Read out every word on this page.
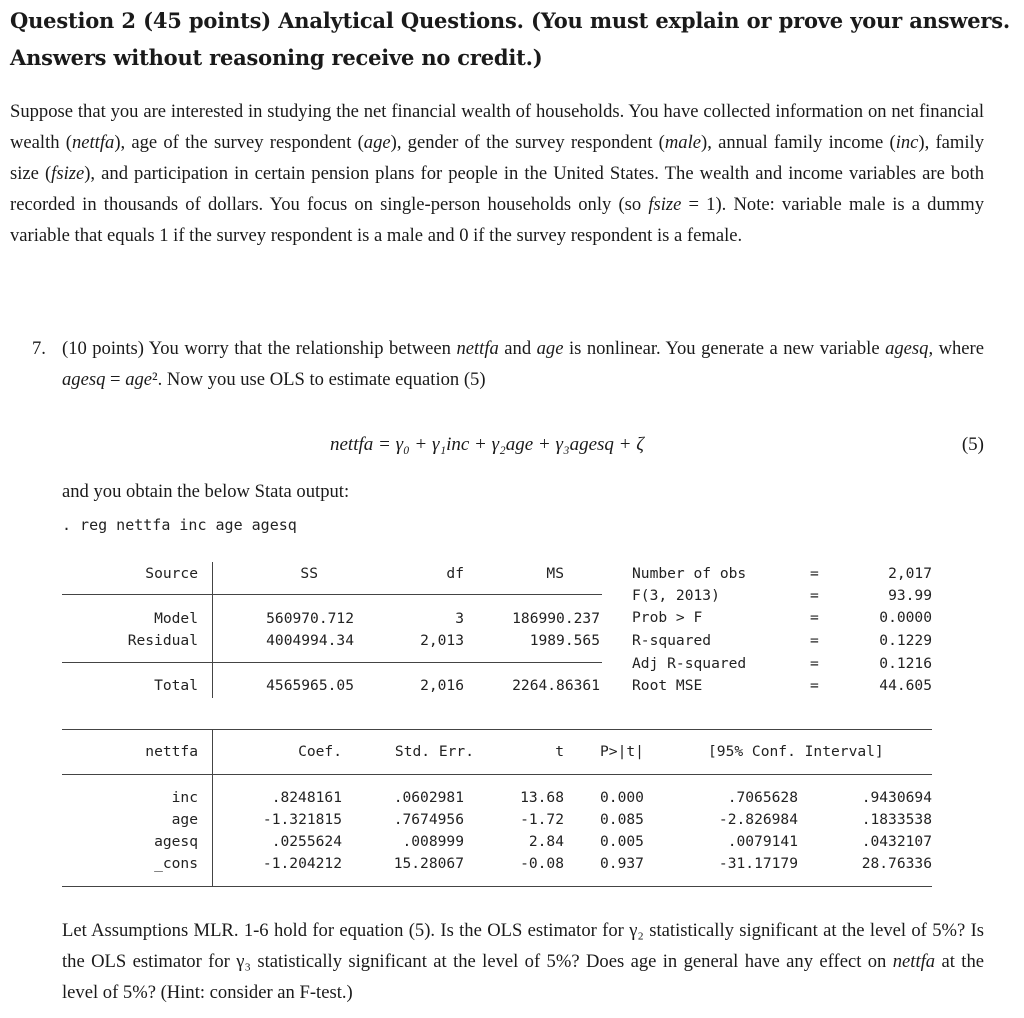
Question 2 (45 points) Analytical Questions. (You must explain or prove your answers. Answers without reasoning receive no credit.)
Suppose that you are interested in studying the net financial wealth of households. You have collected information on net financial wealth (nettfa), age of the survey respondent (age), gender of the survey respondent (male), annual family income (inc), family size (fsize), and participation in certain pension plans for people in the United States. The wealth and income variables are both recorded in thousands of dollars. You focus on single-person households only (so fsize = 1). Note: variable male is a dummy variable that equals 1 if the survey respondent is a male and 0 if the survey respondent is a female.
7. (10 points) You worry that the relationship between nettfa and age is nonlinear. You generate a new variable agesq, where agesq = age². Now you use OLS to estimate equation (5)
nettfa = γ₀ + γ₁inc + γ₂age + γ₃agesq + ζ	(5)
and you obtain the below Stata output:
. reg nettfa inc age agesq
Source	SS	df	MS
Model	560970.712	3	186990.237
Residual	4004994.34	2,013	1989.565
Total	4565965.05	2,016	2264.86361
Number of obs	=	2,017
F(3, 2013)	=	93.99
Prob > F	=	0.0000
R-squared	=	0.1229
Adj R-squared	=	0.1216
Root MSE	=	44.605
nettfa	Coef.	Std. Err.	t P>|t|	[95% Conf. Interval]
inc	.8248161	.0602981	13.68 0.000	.7065628	.9430694
age	-1.321815	.7674956	-1.72 0.085	-2.826984	.1833538
agesq	.0255624	.008999	2.84 0.005	.0079141	.0432107
_cons	-1.204212	15.28067	-0.08 0.937	-31.17179	28.76336
Let Assumptions MLR. 1-6 hold for equation (5). Is the OLS estimator for γ₂ statistically significant at the level of 5%? Is the OLS estimator for γ₃ statistically significant at the level of 5%? Does age in general have any effect on nettfa at the level of 5%? (Hint: consider an F-test.)
